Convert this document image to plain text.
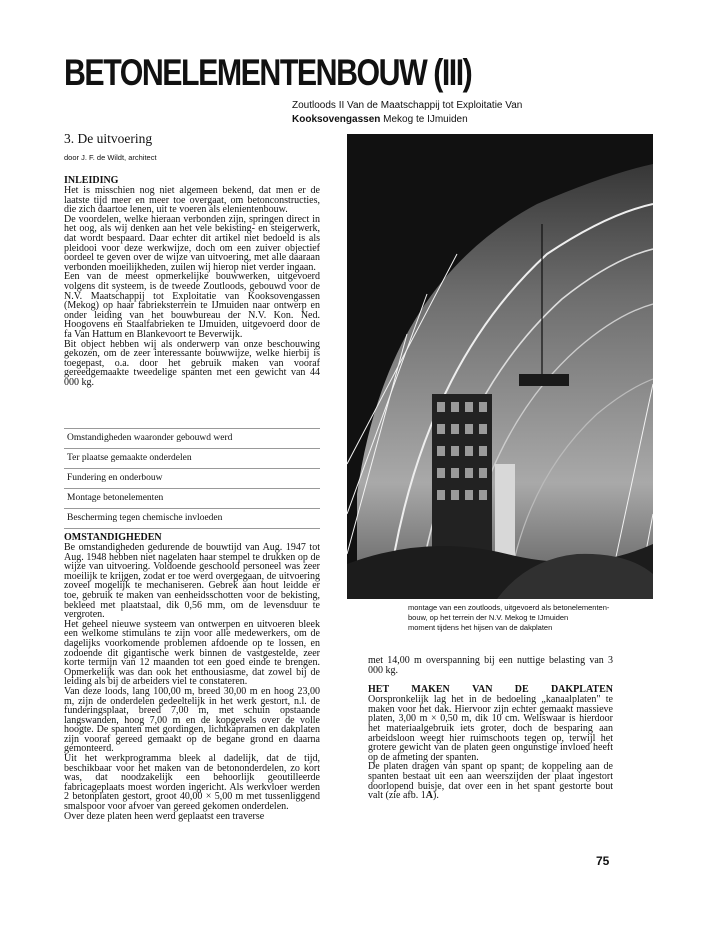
BETONELEMENTENBOUW (III)
Zoutloods II Van de Maatschappij tot Exploitatie Van
Kooksovengassen Mekog te IJmuiden
3. De uitvoering
door J. F. de Wildt, architect
INLEIDING

Het is misschien nog niet algemeen bekend, dat men er de laatste tijd meer en meer toe overgaat, om betonconstructies, die zich daartoe lenen, uit te voeren als elenientenbouw.

De voordelen, welke hieraan verbonden zijn, springen direct in het oog, als wij denken aan het vele bekisting- en steigerwerk, dat wordt bespaard. Daar echter dit artikel niet bedoeld is als pleidooi voor deze werkwijze, doch om een zuiver objectief oordeel te geven over de wijze van uitvoering, met alle daaraan verbonden moeilijkheden, zuilen wij hierop niet verder ingaan.

Een van de meest opmerkelijke bouwwerken, uitgevoerd volgens dit systeem, is de tweede Zoutloods, gebouwd voor de N.V. Maatschappij tot Exploitatie van Kooksovengassen (Mekog) op haar fabrieksterrein te IJmuiden naar ontwerp en onder leiding van het bouwbureau der N.V. Kon. Ned. Hoogovens en Staalfabrieken te IJmuiden, uitgevoerd door de fa Van Hattum en Blankevoort te Beverwijk.

Bit object hebben wij als onderwerp van onze beschouwing gekozen, om de zeer interessante bouwwijze, welke hierbij is toegepast, o.a. door het gebruik maken van vooraf gereedgemaakte tweedelige spanten met een gewicht van 44 000 kg.

Omstandigheden waaronder gebouwd werd
Ter plaatse gemaakte onderdelen
Fundering en onderbouw
Montage betonelementen
Bescherming tegen chemische invloeden
OMSTANDIGHEDEN

Be omstandigheden gedurende de bouwtijd van Aug. 1947 tot Aug. 1948 hebben niet nagelaten haar stempel te drukken op de wijze van uitvoering. Voldoende geschoold personeel was zeer moeilijk te krijgen, zodat er toe werd overgegaan, de uitvoering zoveel mogelijk te mechaniseren. Gebrek aan hout leidde er toe, gebruik te maken van eenheidsschotten voor de bekisting, bekleed met plaatstaal, dik 0,56 mm, om de levensduur te vergroten.

Het geheel nieuwe systeem van ontwerpen en uitvoeren bleek een welkome stimulans te zijn voor alle medewerkers, om de dagelijks voorkomende problemen afdoende op te lossen, en zodoende dit gigantische werk binnen de vastgestelde, zeer korte termijn van 12 maanden tot een goed einde te brengen. Opmerkelijk was dan ook het enthousiasme, dat zowel bij de leiding als bij de arbeiders viel te constateren.

Van deze loods, lang 100,00 m, breed 30,00 m en hoog 23,00 m, zijn de onderdelen gedeeltelijk in het werk gestort, n.l. de funderingsplaat, breed 7,00 m, met schuin opstaande langswanden, hoog 7,00 m en de kopgevels over de volle hoogte. De spanten met gordingen, lichtkapramen en dakplaten zijn vooraf gereed gemaakt op de begane grond en daarna gemonteerd.

Uit het werkprogramma bleek al dadelijk, dat de tijd, beschikbaar voor het maken van de betononderdelen, zo kort was, dat noodzakelijk een behoorlijk geoutilleerde fabricageplaats moest worden ingericht. Als werkvloer werden 2 betonplaten gestort, groot 40,00 × 5,00 m met tussenliggend smalspoor voor afvoer van gereed gekomen onderdelen.

Over deze platen heen werd geplaatst een traverse

montage van een zoutloods, uitgevoerd als betonelementen-
bouw, op het terrein der N.V. Mekog te IJmuiden
moment tijdens het hijsen van de dakplaten

met 14,00 m overspanning bij een nuttige belasting van 3 000 kg.

HET MAKEN VAN DE DAKPLATEN

Oorspronkelijk lag het in de bedoeling „kanaalplaten" te maken voor het dak. Hiervoor zijn echter gemaakt massieve platen, 3,00 m × 0,50 m, dik 10 cm. Weliswaar is hierdoor het materiaalgebruik iets groter, doch de besparing aan arbeidsloon weegt hier ruimschoots tegen op, terwijl het grotere gewicht van de platen geen ongunstige invloed heeft op de afmeting der spanten.

De platen dragen van spant op spant; de koppeling aan de spanten bestaat uit een aan weerszijden der plaat ingestort doorlopend buisje, dat over een in het spant gestorte bout valt (zie afb. 1A).

75
